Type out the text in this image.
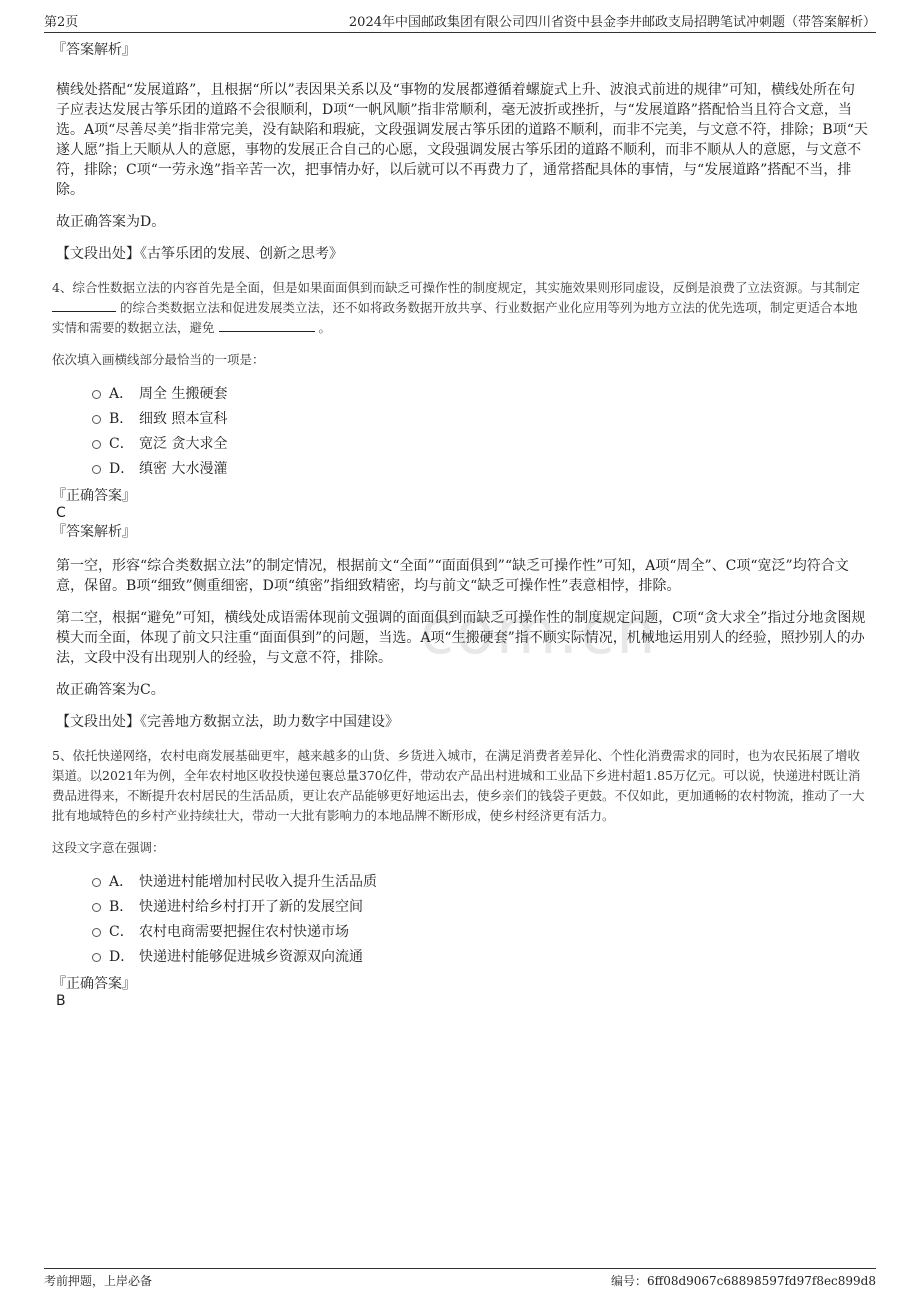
第2页	2024年中国邮政集团有限公司四川省资中县金李井邮政支局招聘笔试冲刺题（带答案解析）
com.cn

『答案解析』

横线处搭配“发展道路”，且根据“所以”表因果关系以及“事物的发展都遵循着螺旋式上升、波浪式前进的规律”可知，横线处所在句子应表达发展古筝乐团的道路不会很顺利，D项“一帆风顺”指非常顺利，毫无波折或挫折，与“发展道路”搭配恰当且符合文意，当选。A项“尽善尽美”指非常完美，没有缺陷和瑕疵，文段强调发展古筝乐团的道路不顺利，而非不完美，与文意不符，排除；B项“天遂人愿”指上天顺从人的意愿，事物的发展正合自己的心愿，文段强调发展古筝乐团的道路不顺利，而非不顺从人的意愿，与文意不符，排除；C项“一劳永逸”指辛苦一次，把事情办好，以后就可以不再费力了，通常搭配具体的事情，与“发展道路”搭配不当，排除。

故正确答案为D。

【文段出处】《古筝乐团的发展、创新之思考》

4、综合性数据立法的内容首先是全面，但是如果面面俱到而缺乏可操作性的制度规定，其实施效果则形同虚设，反倒是浪费了立法资源。与其制定  的综合类数据立法和促进发展类立法，还不如将政务数据开放共享、行业数据产业化应用等列为地方立法的优先选项，制定更适合本地实情和需要的数据立法，避免	。

依次填入画横线部分最恰当的一项是：

A． 周全 生搬硬套
B． 细致 照本宣科
C． 宽泛 贪大求全
D． 缜密 大水漫灌

『正确答案』

C

『答案解析』

第一空，形容“综合类数据立法”的制定情况，根据前文“全面”“面面俱到”“缺乏可操作性”可知，A项“周全”、C项“宽泛”均符合文意，保留。B项“细致”侧重细密，D项“缜密”指细致精密，均与前文“缺乏可操作性”表意相悖，排除。

第二空，根据“避免”可知，横线处成语需体现前文强调的面面俱到而缺乏可操作性的制度规定问题，C项“贪大求全”指过分地贪图规模大而全面，体现了前文只注重“面面俱到”的问题，当选。A项“生搬硬套”指不顾实际情况，机械地运用别人的经验，照抄别人的办法，文段中没有出现别人的经验，与文意不符，排除。

故正确答案为C。

【文段出处】《完善地方数据立法，助力数字中国建设》

5、依托快递网络，农村电商发展基础更牢，越来越多的山货、乡货进入城市，在满足消费者差异化、个性化消费需求的同时，也为农民拓展了增收渠道。以2021年为例，全年农村地区收投快递包裹总量370亿件，带动农产品出村进城和工业品下乡进村超1.85万亿元。可以说，快递进村既让消费品进得来，不断提升农村居民的生活品质，更让农产品能够更好地运出去，使乡亲们的钱袋子更鼓。不仅如此，更加通畅的农村物流，推动了一大批有地域特色的乡村产业持续壮大，带动一大批有影响力的本地品牌不断形成，使乡村经济更有活力。

这段文字意在强调：

A． 快递进村能增加村民收入提升生活品质
B． 快递进村给乡村打开了新的发展空间
C． 农村电商需要把握住农村快递市场
D． 快递进村能够促进城乡资源双向流通

『正确答案』

B

考前押题，上岸必备	编号：6ff08d9067c68898597fd97f8ec899d8
